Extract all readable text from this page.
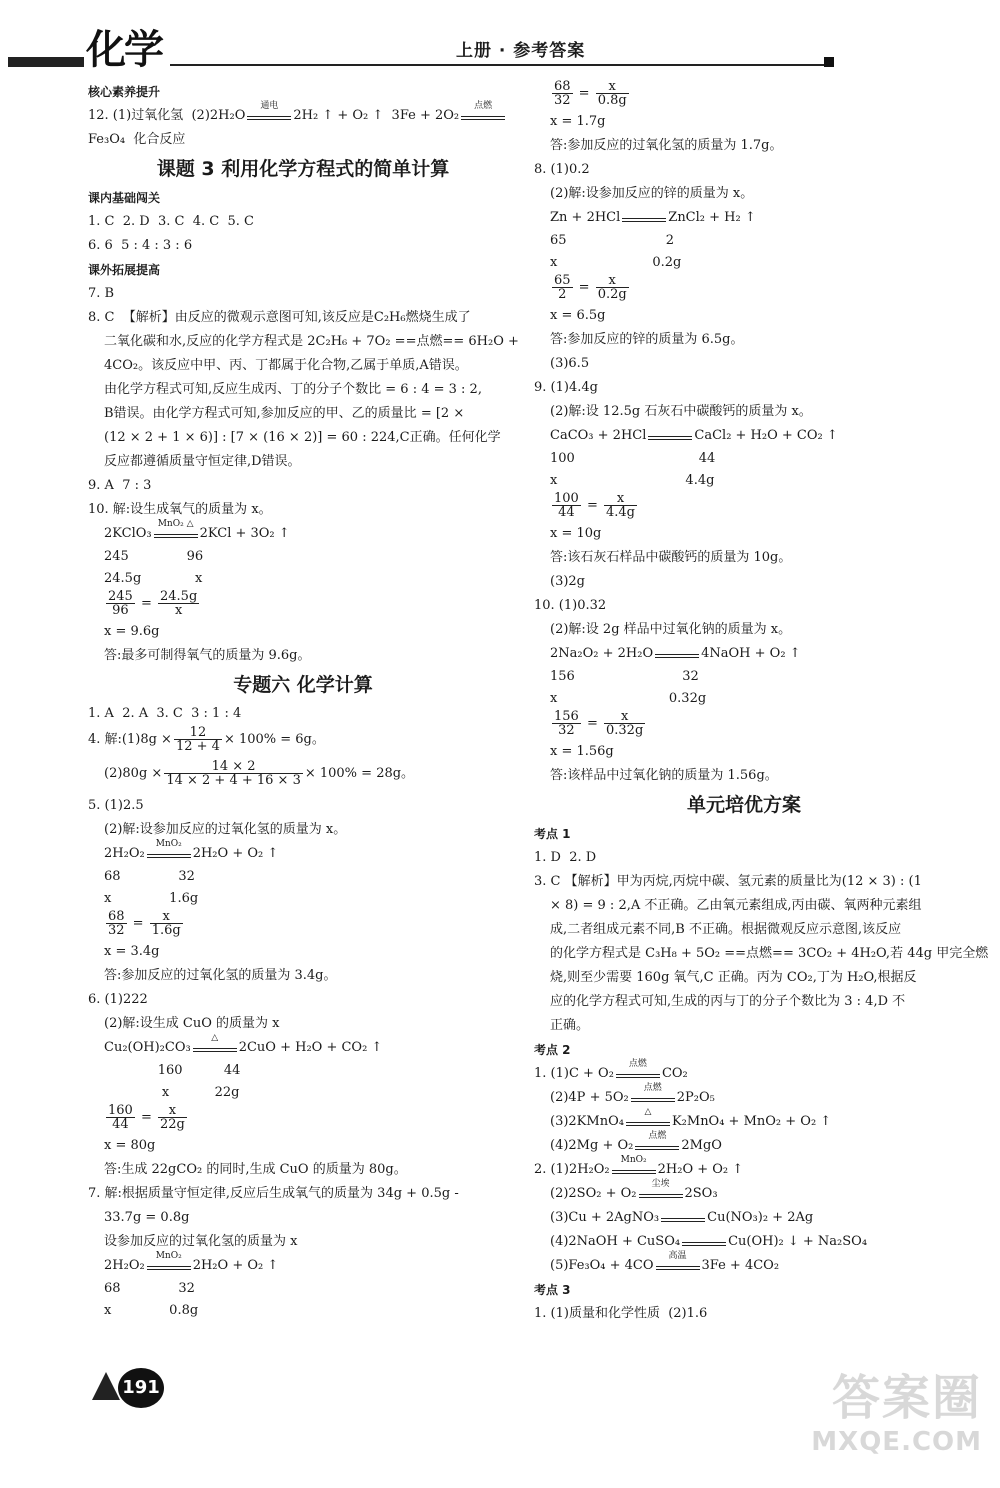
化学	上册 · 参考答案
核心素养提升
12. (1)过氧化氢  (2)2H₂O
通电
2H₂ ↑ + O₂ ↑  3Fe + 2O₂
点燃
Fe₃O₄  化合反应
课题 3 利用化学方程式的简单计算
课内基础闯关
1. C  2. D  3. C  4. C  5. C
6. 6  5 : 4 : 3 : 6
课外拓展提高
7. B
8. C  【解析】由反应的微观示意图可知,该反应是C₂H₆燃烧生成了
二氧化碳和水,反应的化学方程式是 2C₂H₆ + 7O₂ ==点燃== 6H₂O +
4CO₂。该反应中甲、丙、丁都属于化合物,乙属于单质,A错误。
由化学方程式可知,反应生成丙、丁的分子个数比 = 6 : 4 = 3 : 2,
B错误。由化学方程式可知,参加反应的甲、乙的质量比 = [2 ×
(12 × 2 + 1 × 6)] : [7 × (16 × 2)] = 60 : 224,C正确。任何化学
反应都遵循质量守恒定律,D错误。
9. A  7 : 3
10. 解:设生成氧气的质量为 x。
2KClO₃
MnO₂ △
2KCl + 3O₂ ↑
245              96
24.5g             x
$\frac{245}{96} = \frac{24.5g}{x}$
x = 9.6g
答:最多可制得氧气的质量为 9.6g。
专题六 化学计算
1. A  2. A  3. C  3 : 1 : 4
4. 解:(1)8g × $\frac{12}{12 + 4} \times 100\% = 6g$。
$(2)80g \times \frac{14 \times 2}{14 \times 2 + 4 + 16 \times 3} \times 100\% = 28g$。
5. (1)2.5
(2)解:设参加反应的过氧化氢的质量为 x。
2H₂O₂
MnO₂
2H₂O + O₂ ↑
68              32
x              1.6g
$\frac{68}{32} = \frac{x}{1.6g}$
x = 3.4g
答:参加反应的过氧化氢的质量为 3.4g。
6. (1)222
(2)解:设生成 CuO 的质量为 x
Cu₂(OH)₂CO₃
△
2CuO + H₂O + CO₂ ↑
160          44
x           22g
$\frac{160}{44} = \frac{x}{22g}$
x = 80g
答:生成 22gCO₂ 的同时,生成 CuO 的质量为 80g。
7. 解:根据质量守恒定律,反应后生成氧气的质量为 34g + 0.5g -
33.7g = 0.8g
设参加反应的过氧化氢的质量为 x
2H₂O₂
MnO₂
2H₂O + O₂ ↑
68              32
x              0.8g
$\frac{68}{32} = \frac{x}{0.8g}$
x = 1.7g
答:参加反应的过氧化氢的质量为 1.7g。
8. (1)0.2
(2)解:设参加反应的锌的质量为 x。
Zn + 2HCl	ZnCl₂ + H₂ ↑
65                        2
x                       0.2g
$\frac{65}{2} = \frac{x}{0.2g}$
x = 6.5g
答:参加反应的锌的质量为 6.5g。
(3)6.5
9. (1)4.4g
(2)解:设 12.5g 石灰石中碳酸钙的质量为 x。
CaCO₃ + 2HCl	CaCl₂ + H₂O + CO₂ ↑
100                              44
x                               4.4g
$\frac{100}{44} = \frac{x}{4.4g}$
x = 10g
答:该石灰石样品中碳酸钙的质量为 10g。
(3)2g
10. (1)0.32
(2)解:设 2g 样品中过氧化钠的质量为 x。
2Na₂O₂ + 2H₂O	4NaOH + O₂ ↑
156                          32
x                           0.32g
$\frac{156}{32} = \frac{x}{0.32g}$
x = 1.56g
答:该样品中过氧化钠的质量为 1.56g。
单元培优方案
考点 1
1. D  2. D
3. C 【解析】甲为丙烷,丙烷中碳、氢元素的质量比为(12 × 3) : (1
× 8) = 9 : 2,A 不正确。乙由氧元素组成,丙由碳、氧两种元素组
成,二者组成元素不同,B 不正确。根据微观反应示意图,该反应
的化学方程式是 C₃H₈ + 5O₂ ==点燃== 3CO₂ + 4H₂O,若 44g 甲完全燃
烧,则至少需要 160g 氧气,C 正确。丙为 CO₂,丁为 H₂O,根据反
应的化学方程式可知,生成的丙与丁的分子个数比为 3 : 4,D 不
正确。
考点 2
1. (1)C + O₂
点燃
CO₂
(2)4P + 5O₂
点燃
2P₂O₅
(3)2KMnO₄
△
K₂MnO₄ + MnO₂ + O₂ ↑
(4)2Mg + O₂
点燃
2MgO
2. (1)2H₂O₂
MnO₂
2H₂O + O₂ ↑
(2)2SO₂ + O₂
尘埃
2SO₃
(3)Cu + 2AgNO₃	Cu(NO₃)₂ + 2Ag
(4)2NaOH + CuSO₄	Cu(OH)₂ ↓ + Na₂SO₄
(5)Fe₃O₄ + 4CO
高温
3Fe + 4CO₂
考点 3
1. (1)质量和化学性质  (2)1.6
191	答案圈
MXQE.COM
